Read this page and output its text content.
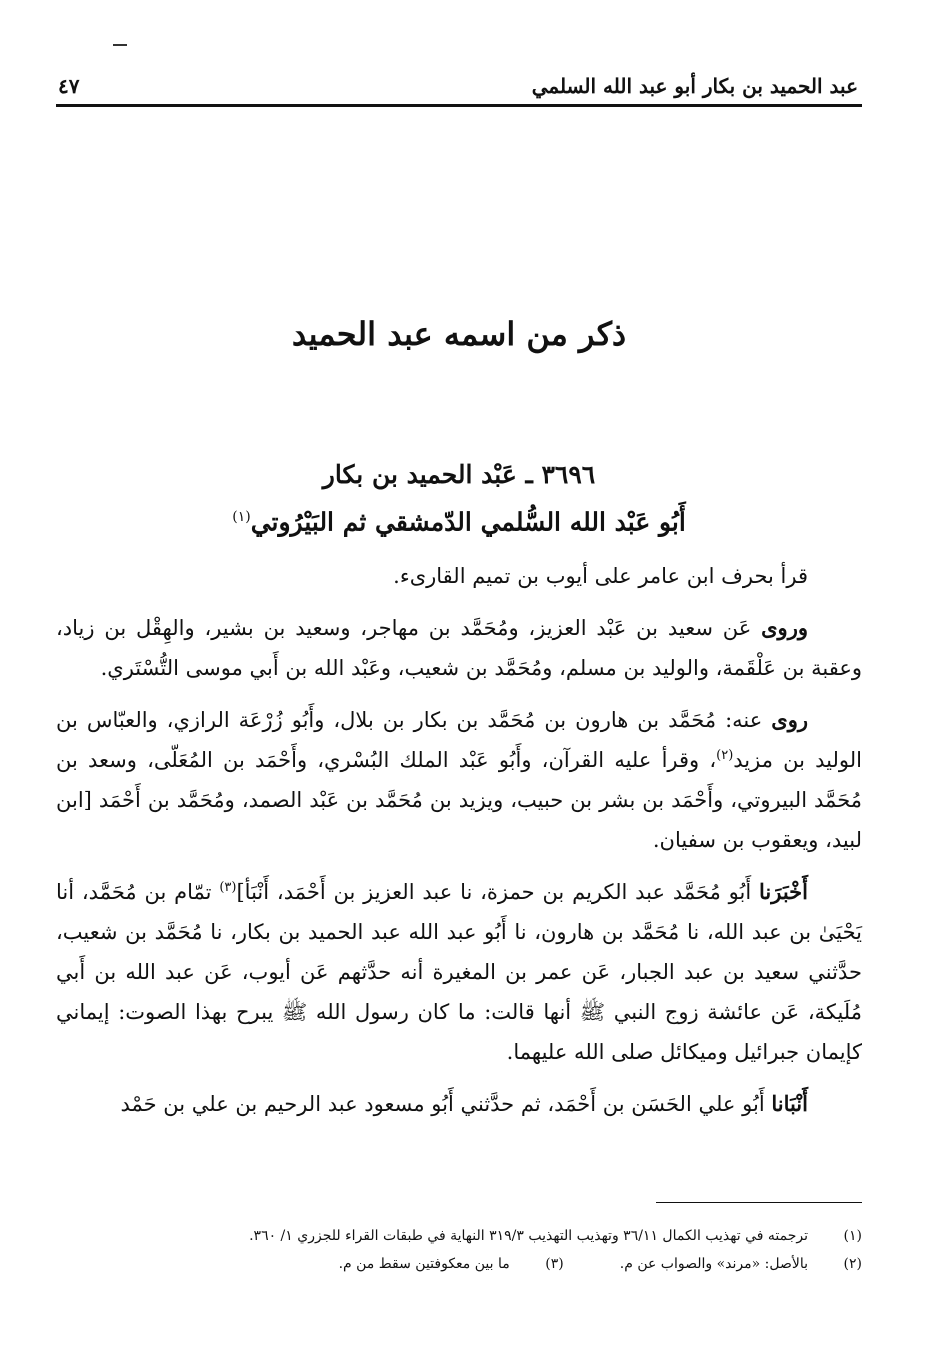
عبد الحميد بن بكار أبو عبد الله السلمي
٤٧
ذكر من اسمه عبد الحميد
٣٦٩٦ ـ عَبْد الحميد بن بكار
أَبُو عَبْد الله السُّلمي الدّمشقي ثم البَيْرُوتي$^{(١)}$

قرأ بحرف ابن عامر على أيوب بن تميم القارىء.

وروى عَن سعيد بن عَبْد العزيز، ومُحَمَّد بن مهاجر، وسعيد بن بشير، والهِقْل بن زياد، وعقبة بن عَلْقَمة، والوليد بن مسلم، ومُحَمَّد بن شعيب، وعَبْد الله بن أَبي موسى التُّسْتَري.

روى عنه: مُحَمَّد بن هارون بن مُحَمَّد بن بكار بن بلال، وأَبُو زُرْعَة الرازي، والعبّاس بن الوليد بن مزيد$^{(٢)}$، وقرأ عليه القرآن، وأَبُو عَبْد الملك البُسْري، وأَحْمَد بن المُعَلّى، وسعد بن مُحَمَّد البيروتي، وأَحْمَد بن بشر بن حبيب، ويزيد بن مُحَمَّد بن عَبْد الصمد، ومُحَمَّد بن أَحْمَد [ابن لبيد، ويعقوب بن سفيان.

أَخْبَرَنا أَبُو مُحَمَّد عبد الكريم بن حمزة، نا عبد العزيز بن أَحْمَد، أَنْبَأ]$^{(٣)}$ تمّام بن مُحَمَّد، أنا يَحْيَىٰ بن عبد الله، نا مُحَمَّد بن هارون، نا أَبُو عبد الله عبد الحميد بن بكار، نا مُحَمَّد بن شعيب، حدَّثني سعيد بن عبد الجبار، عَن عمر بن المغيرة أنه حدَّثهم عَن أيوب، عَن عبد الله بن أَبي مُلَيكة، عَن عائشة زوج النبي ﷺ أنها قالت: ما كان رسول الله ﷺ يبرح بهذا الصوت: إيماني كإيمان جبرائيل وميكائل صلى الله عليهما.

أَنْبَانا أَبُو علي الحَسَن بن أَحْمَد، ثم حدَّثني أَبُو مسعود عبد الرحيم بن علي بن حَمْد

(١)
ترجمته في تهذيب الكمال ٣٦/١١ وتهذيب التهذيب ٣١٩/٣ النهاية في طبقات القراء للجزري ١/ ٣٦٠.
(٢)
بالأصل: «مرند» والصواب عن م.
(٣)
ما بين معكوفتين سقط من م.
